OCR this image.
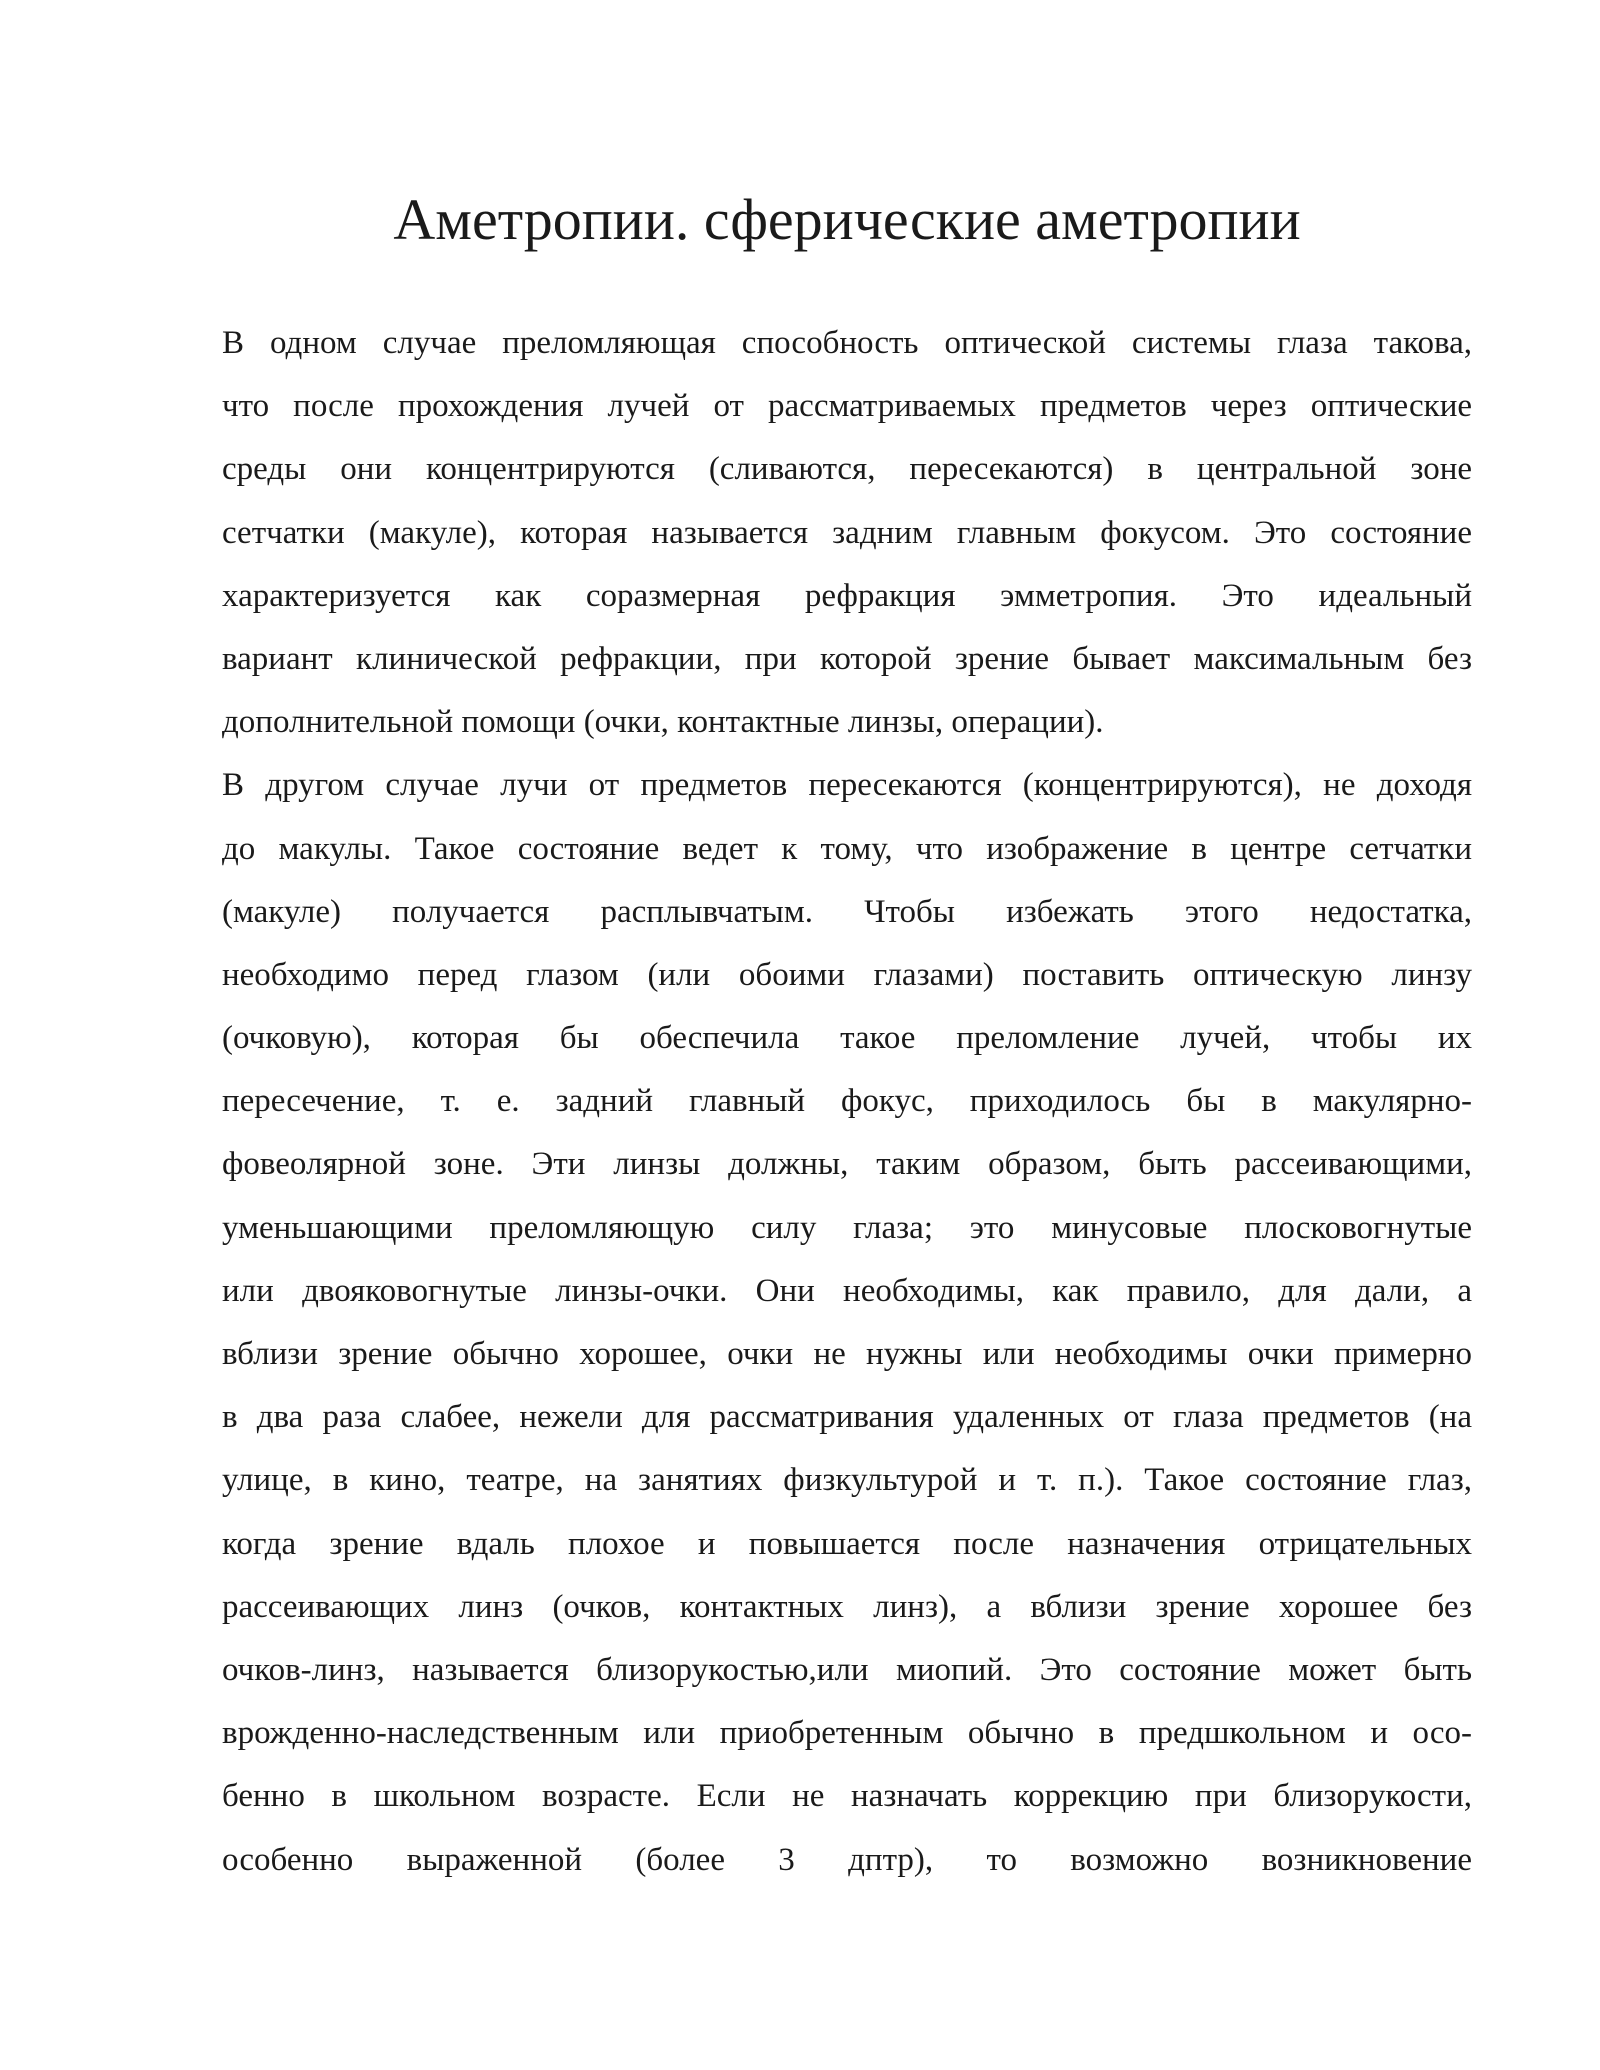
Аметропии. сферические аметропии

В одном случае преломляющая способность оптической системы глаза такова,
что после прохождения лучей от рассматриваемых предметов через оптические
среды они концентрируются (сливаются, пересекаются) в центральной зоне
сетчатки (макуле), которая называется задним главным фокусом. Это состояние
характеризуется как соразмерная рефракция эмметропия. Это идеальный
вариант клинической рефракции, при которой зрение бывает максимальным без
дополнительной помощи (очки, контактные линзы, операции).

В другом случае лучи от предметов пересекаются (концентрируются), не доходя
до макулы. Такое состояние ведет к тому, что изображение в центре сетчатки
(макуле) получается расплывчатым. Чтобы избежать этого недостатка,
необходимо перед глазом (или обоими глазами) поставить оптическую линзу
(очковую), которая бы обеспечила такое преломление лучей, чтобы их
пересечение, т. е. задний главный фокус, приходилось бы в макулярно-
фовеолярной зоне. Эти линзы должны, таким образом, быть рассеивающими,
уменьшающими преломляющую силу глаза; это минусовые плосковогнутые
или двояковогнутые линзы-очки. Они необходимы, как правило, для дали, а
вблизи зрение обычно хорошее, очки не нужны или необходимы очки примерно
в два раза слабее, нежели для рассматривания удаленных от глаза предметов (на
улице, в кино, театре, на занятиях физкультурой и т. п.). Такое состояние глаз,
когда зрение вдаль плохое и повышается после назначения отрицательных
рассеивающих линз (очков, контактных линз), а вблизи зрение хорошее без
очков-линз, называется близорукостью,или миопий. Это состояние может быть
врожденно-наследственным или приобретенным обычно в предшкольном и осо-
бенно в школьном возрасте. Если не назначать коррекцию при близорукости,
особенно выраженной (более 3 дптр), то возможно возникновение
